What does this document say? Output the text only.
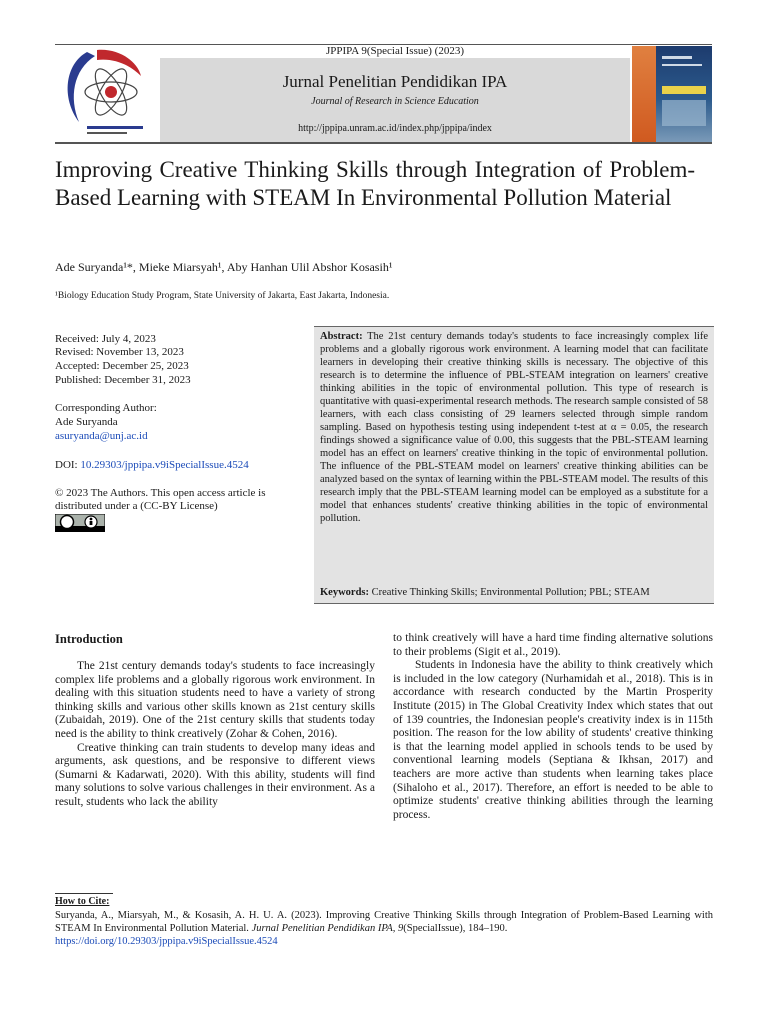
JPPIPA 9(Special Issue) (2023)
Jurnal Penelitian Pendidikan IPA
Journal of Research in Science Education
http://jppipa.unram.ac.id/index.php/jppipa/index
Improving Creative Thinking Skills through Integration of Problem-Based Learning with STEAM In Environmental Pollution Material
Ade Suryanda¹*, Mieke Miarsyah¹, Aby Hanhan Ulil Abshor Kosasih¹
¹Biology Education Study Program, State University of Jakarta, East Jakarta, Indonesia.
Received: July 4, 2023
Revised: November 13, 2023
Accepted: December 25, 2023
Published: December 31, 2023
Corresponding Author:
Ade Suryanda
asuryanda@unj.ac.id
DOI: 10.29303/jppipa.v9iSpecialIssue.4524
© 2023 The Authors. This open access article is distributed under a (CC-BY License)
Abstract: The 21st century demands today's students to face increasingly complex life problems and a globally rigorous work environment. A learning model that can facilitate learners in developing their creative thinking skills is necessary. The objective of this research is to determine the influence of PBL-STEAM integration on learners' creative thinking abilities in the topic of environmental pollution. This type of research is quantitative with quasi-experimental research methods. The research sample consisted of 58 learners, with each class consisting of 29 learners selected through simple random sampling. Based on hypothesis testing using independent t-test at α = 0.05, the research findings showed a significance value of 0.00, this suggests that the PBL-STEAM learning model has an effect on learners' creative thinking in the topic of environmental pollution. The influence of the PBL-STEAM model on learners' creative thinking abilities can be analyzed based on the syntax of learning within the PBL-STEAM model. The results of this research imply that the PBL-STEAM learning model can be employed as a substitute for a model that enhances students' creative thinking abilities in the topic of environmental pollution.
Keywords: Creative Thinking Skills; Environmental Pollution; PBL; STEAM
Introduction

The 21st century demands today's students to face increasingly complex life problems and a globally rigorous work environment. In dealing with this situation students need to have a variety of strong thinking skills and various other skills known as 21st century skills (Zubaidah, 2019). One of the 21st century skills that students today need is the ability to think creatively (Zohar & Cohen, 2016).

Creative thinking can train students to develop many ideas and arguments, ask questions, and be responsive to different views (Sumarni & Kadarwati, 2020). With this ability, students will find many solutions to solve various challenges in their environment. As a result, students who lack the ability

to think creatively will have a hard time finding alternative solutions to their problems (Sigit et al., 2019).

Students in Indonesia have the ability to think creatively which is included in the low category (Nurhamidah et al., 2018). This is in accordance with research conducted by the Martin Prosperity Institute (2015) in The Global Creativity Index which states that out of 139 countries, the Indonesian people's creativity index is in 115th position. The reason for the low ability of students' creative thinking is that the learning model applied in schools tends to be used by conventional learning models (Septiana & Ikhsan, 2017) and teachers are more active than students when learning takes place (Sihaloho et al., 2017). Therefore, an effort is needed to be able to optimize students' creative thinking abilities through the learning process.

How to Cite:
Suryanda, A., Miarsyah, M., & Kosasih, A. H. U. A. (2023). Improving Creative Thinking Skills through Integration of Problem-Based Learning with STEAM In Environmental Pollution Material. Jurnal Penelitian Pendidikan IPA, 9(SpecialIssue), 184–190.
https://doi.org/10.29303/jppipa.v9iSpecialIssue.4524
